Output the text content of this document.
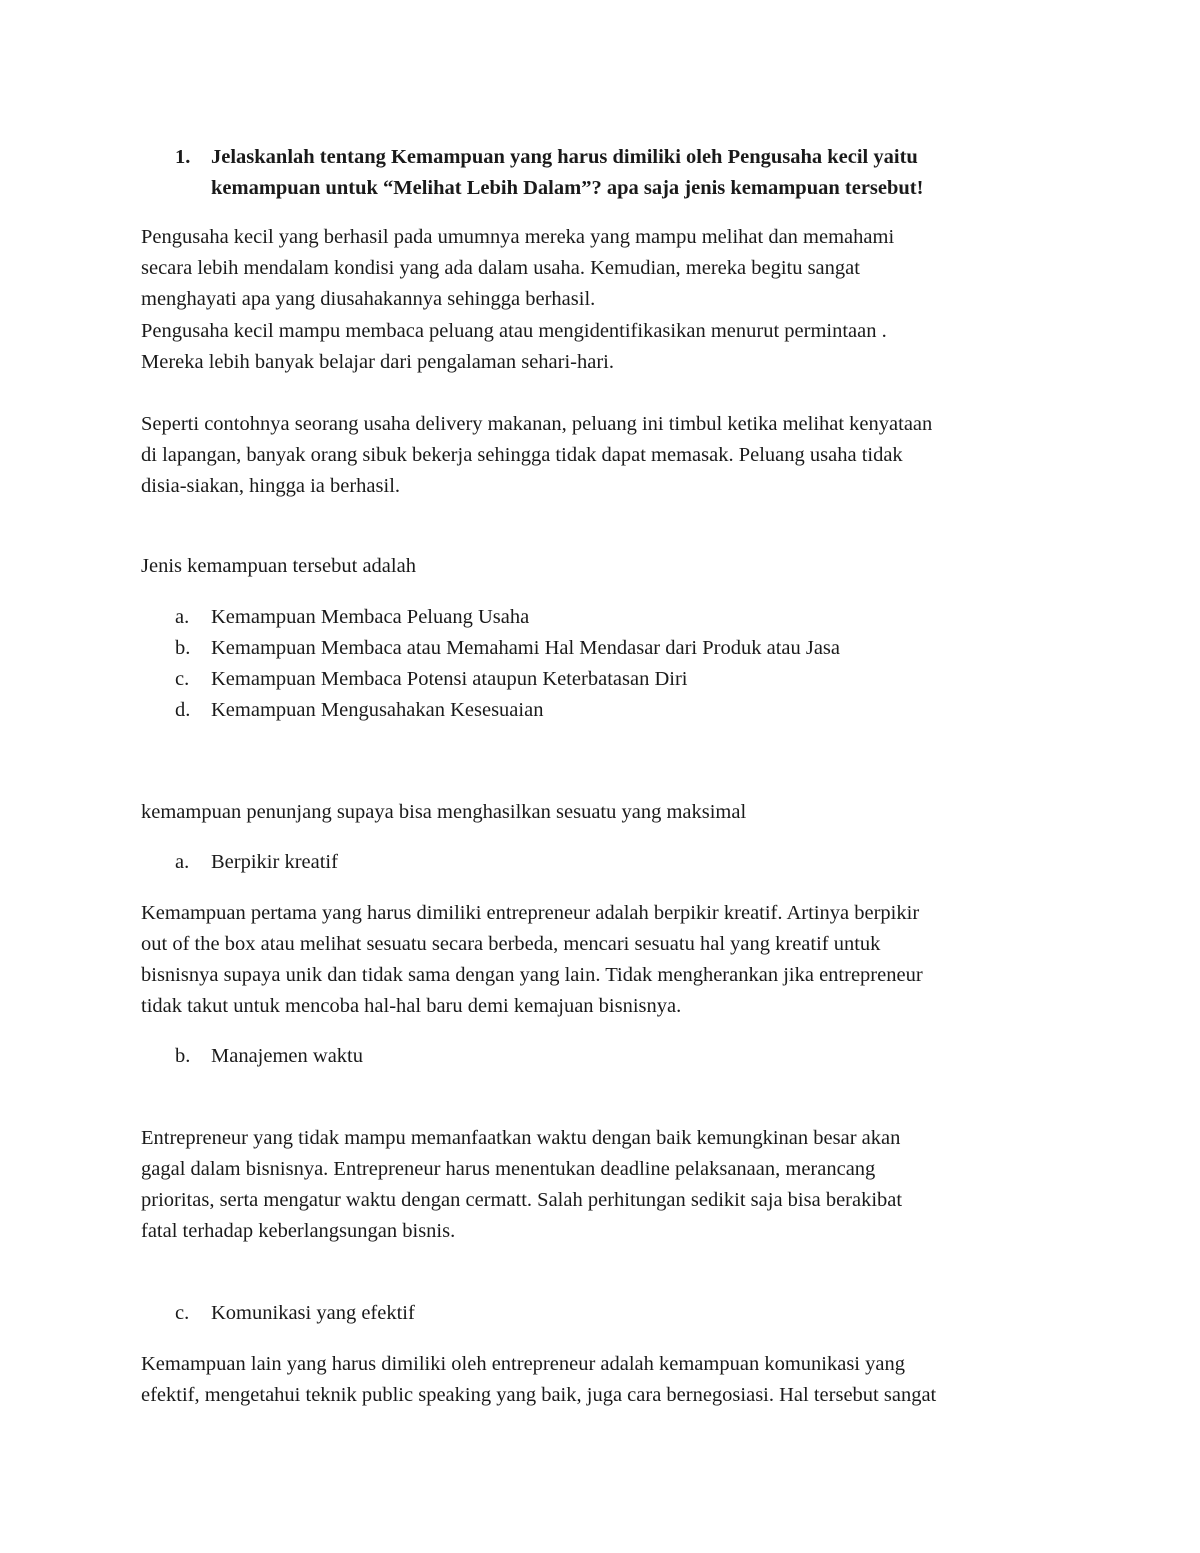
1. Jelaskanlah tentang Kemampuan yang harus dimiliki oleh Pengusaha kecil yaitu
kemampuan untuk “Melihat Lebih Dalam”? apa saja jenis kemampuan tersebut!
Pengusaha kecil yang berhasil pada umumnya mereka yang mampu melihat dan memahami
secara lebih mendalam kondisi yang ada dalam usaha. Kemudian, mereka begitu sangat
menghayati apa yang diusahakannya sehingga berhasil.
Pengusaha kecil mampu membaca peluang atau mengidentifikasikan menurut permintaan .
Mereka lebih banyak belajar dari pengalaman sehari-hari.
Seperti contohnya seorang usaha delivery makanan, peluang ini timbul ketika melihat kenyataan
di lapangan, banyak orang sibuk bekerja sehingga tidak dapat memasak. Peluang usaha tidak
disia-siakan, hingga ia berhasil.
Jenis kemampuan tersebut adalah
a. Kemampuan Membaca Peluang Usaha
b. Kemampuan Membaca atau Memahami Hal Mendasar dari Produk atau Jasa
c. Kemampuan Membaca Potensi ataupun Keterbatasan Diri
d. Kemampuan Mengusahakan Kesesuaian
kemampuan penunjang supaya bisa menghasilkan sesuatu yang maksimal
a. Berpikir kreatif
Kemampuan pertama yang harus dimiliki entrepreneur adalah berpikir kreatif. Artinya berpikir
out of the box atau melihat sesuatu secara berbeda, mencari sesuatu hal yang kreatif untuk
bisnisnya supaya unik dan tidak sama dengan yang lain. Tidak mengherankan jika entrepreneur
tidak takut untuk mencoba hal-hal baru demi kemajuan bisnisnya.
b. Manajemen waktu
Entrepreneur yang tidak mampu memanfaatkan waktu dengan baik kemungkinan besar akan
gagal dalam bisnisnya. Entrepreneur harus menentukan deadline pelaksanaan, merancang
prioritas, serta mengatur waktu dengan cermatt. Salah perhitungan sedikit saja bisa berakibat
fatal terhadap keberlangsungan bisnis.
c. Komunikasi yang efektif
Kemampuan lain yang harus dimiliki oleh entrepreneur adalah kemampuan komunikasi yang
efektif, mengetahui teknik public speaking yang baik, juga cara bernegosiasi. Hal tersebut sangat
